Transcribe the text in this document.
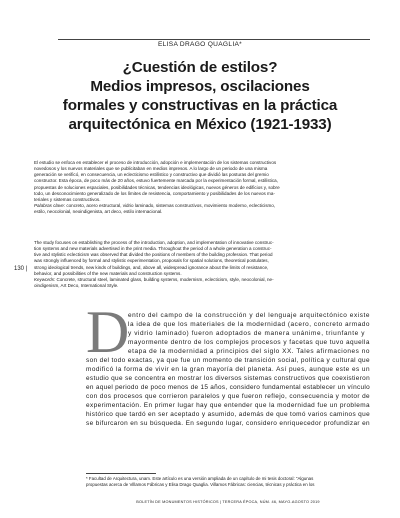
ELISA DRAGO QUAGLIA*
¿Cuestión de estilos?
Medios impresos, oscilaciones
formales y constructivas en la práctica
arquitectónica en México (1921-1933)
El estudio se enfoca en establecer el proceso de introducción, adopción e implementación de los sistemas constructivos
novedosos y los nuevos materiales que se publicitaban en medios impresos. A lo largo de un periodo de una misma
generación se verificó, en consecuencia, un eclecticismo estilístico y constructivo que dividió las posturas del gremio
constructor. Esta época, de poco más de 20 años, estuvo fuertemente marcada por la experimentación formal, estilística,
propuestas de soluciones espaciales, posibilidades técnicas, tendencias ideológicas, nuevos géneros de edificios y, sobre
todo, un desconocimiento generalizado de los límites de resistencia, comportamiento y posibilidades de los nuevos ma-
teriales y sistemas constructivos.
Palabras clave: concreto, acero estructural, vidrio laminado, sistemas constructivos, movimiento moderno, eclecticismo,
estilo, neocolonial, neoindigenista, art deco, estilo internacional.
The study focuses on establishing the process of the introduction, adoption, and implementation of innovative construc-
tion systems and new materials advertised in the print media. Throughout the period of a whole generation a construc-
tive and stylistic eclecticism was observed that divided the positions of members of the building profession. That period
was strongly influenced by formal and stylistic experimentation, proposals for spatial solutions, theoretical postulates,
strong ideological trends, new kinds of buildings, and, above all, widespread ignorance about the limits of resistance,
behavior, and possibilities of the new materials and construction systems.
Keywords: Concrete, structural steel, laminated glass, building systems, modernism, eclecticism, style, neocolonial, ne-
oindigenism, Art Deco, International Style.
130 |
D
entro del campo de la construcción y del lenguaje arquitectónico existe
la idea de que los materiales de la modernidad (acero, concreto armado
y vidrio laminado) fueron adoptados de manera unánime, triunfante y
mayormente dentro de los complejos procesos y facetas que tuvo aquella
etapa de la modernidad a principios del siglo XX. Tales afirmaciones no
son del todo exactas, ya que fue un momento de transición social, política y cultural que
modificó la forma de vivir en la gran mayoría del planeta. Así pues, aunque este es un
estudio que se concentra en mostrar los diversos sistemas constructivos que coexistieron
en aquel periodo de poco menos de 15 años, considero fundamental establecer un vínculo
con dos procesos que corrieron paralelos y que fueron reflejo, consecuencia y motor de
experimentación. En primer lugar hay que entender que la modernidad fue un problema
histórico que tardó en ser aceptado y asumido, además de que tomó varios caminos que
se bifurcaron en su búsqueda. En segundo lugar, considero enriquecedor profundizar en
* Facultad de Arquitectura, unam. Este artículo es una versión ampliada de un capítulo de mi tesis doctoral: "Algunas
propuestas acerca de Villamos Fábricas y Elisa Drago Quaglia. Villamos Fábricas: ciencias, técnicas y práctica en los
BOLETÍN DE MONUMENTOS HISTÓRICOS | TERCERA ÉPOCA, NÚM. 46, MAYO-AGOSTO 2019
